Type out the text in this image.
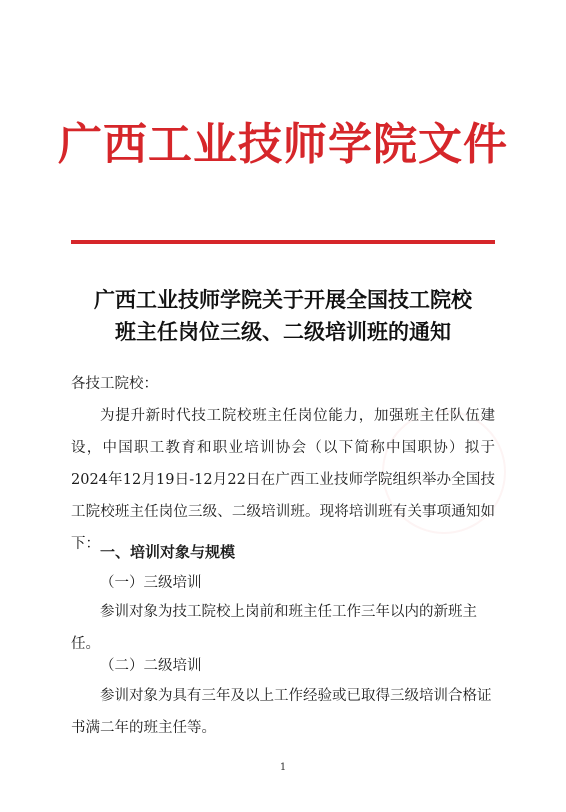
广西工业技师学院文件
广西工业技师学院关于开展全国技工院校
班主任岗位三级、二级培训班的通知
各技工院校：
为提升新时代技工院校班主任岗位能力，加强班主任队伍建设，中国职工教育和职业培训协会（以下简称中国职协）拟于2024年12月19日-12月22日在广西工业技师学院组织举办全国技工院校班主任岗位三级、二级培训班。现将培训班有关事项通知如下： 一、培训对象与规模
（一）三级培训
参训对象为技工院校上岗前和班主任工作三年以内的新班主任。
（二）二级培训
参训对象为具有三年及以上工作经验或已取得三级培训合格证书满二年的班主任等。
1
